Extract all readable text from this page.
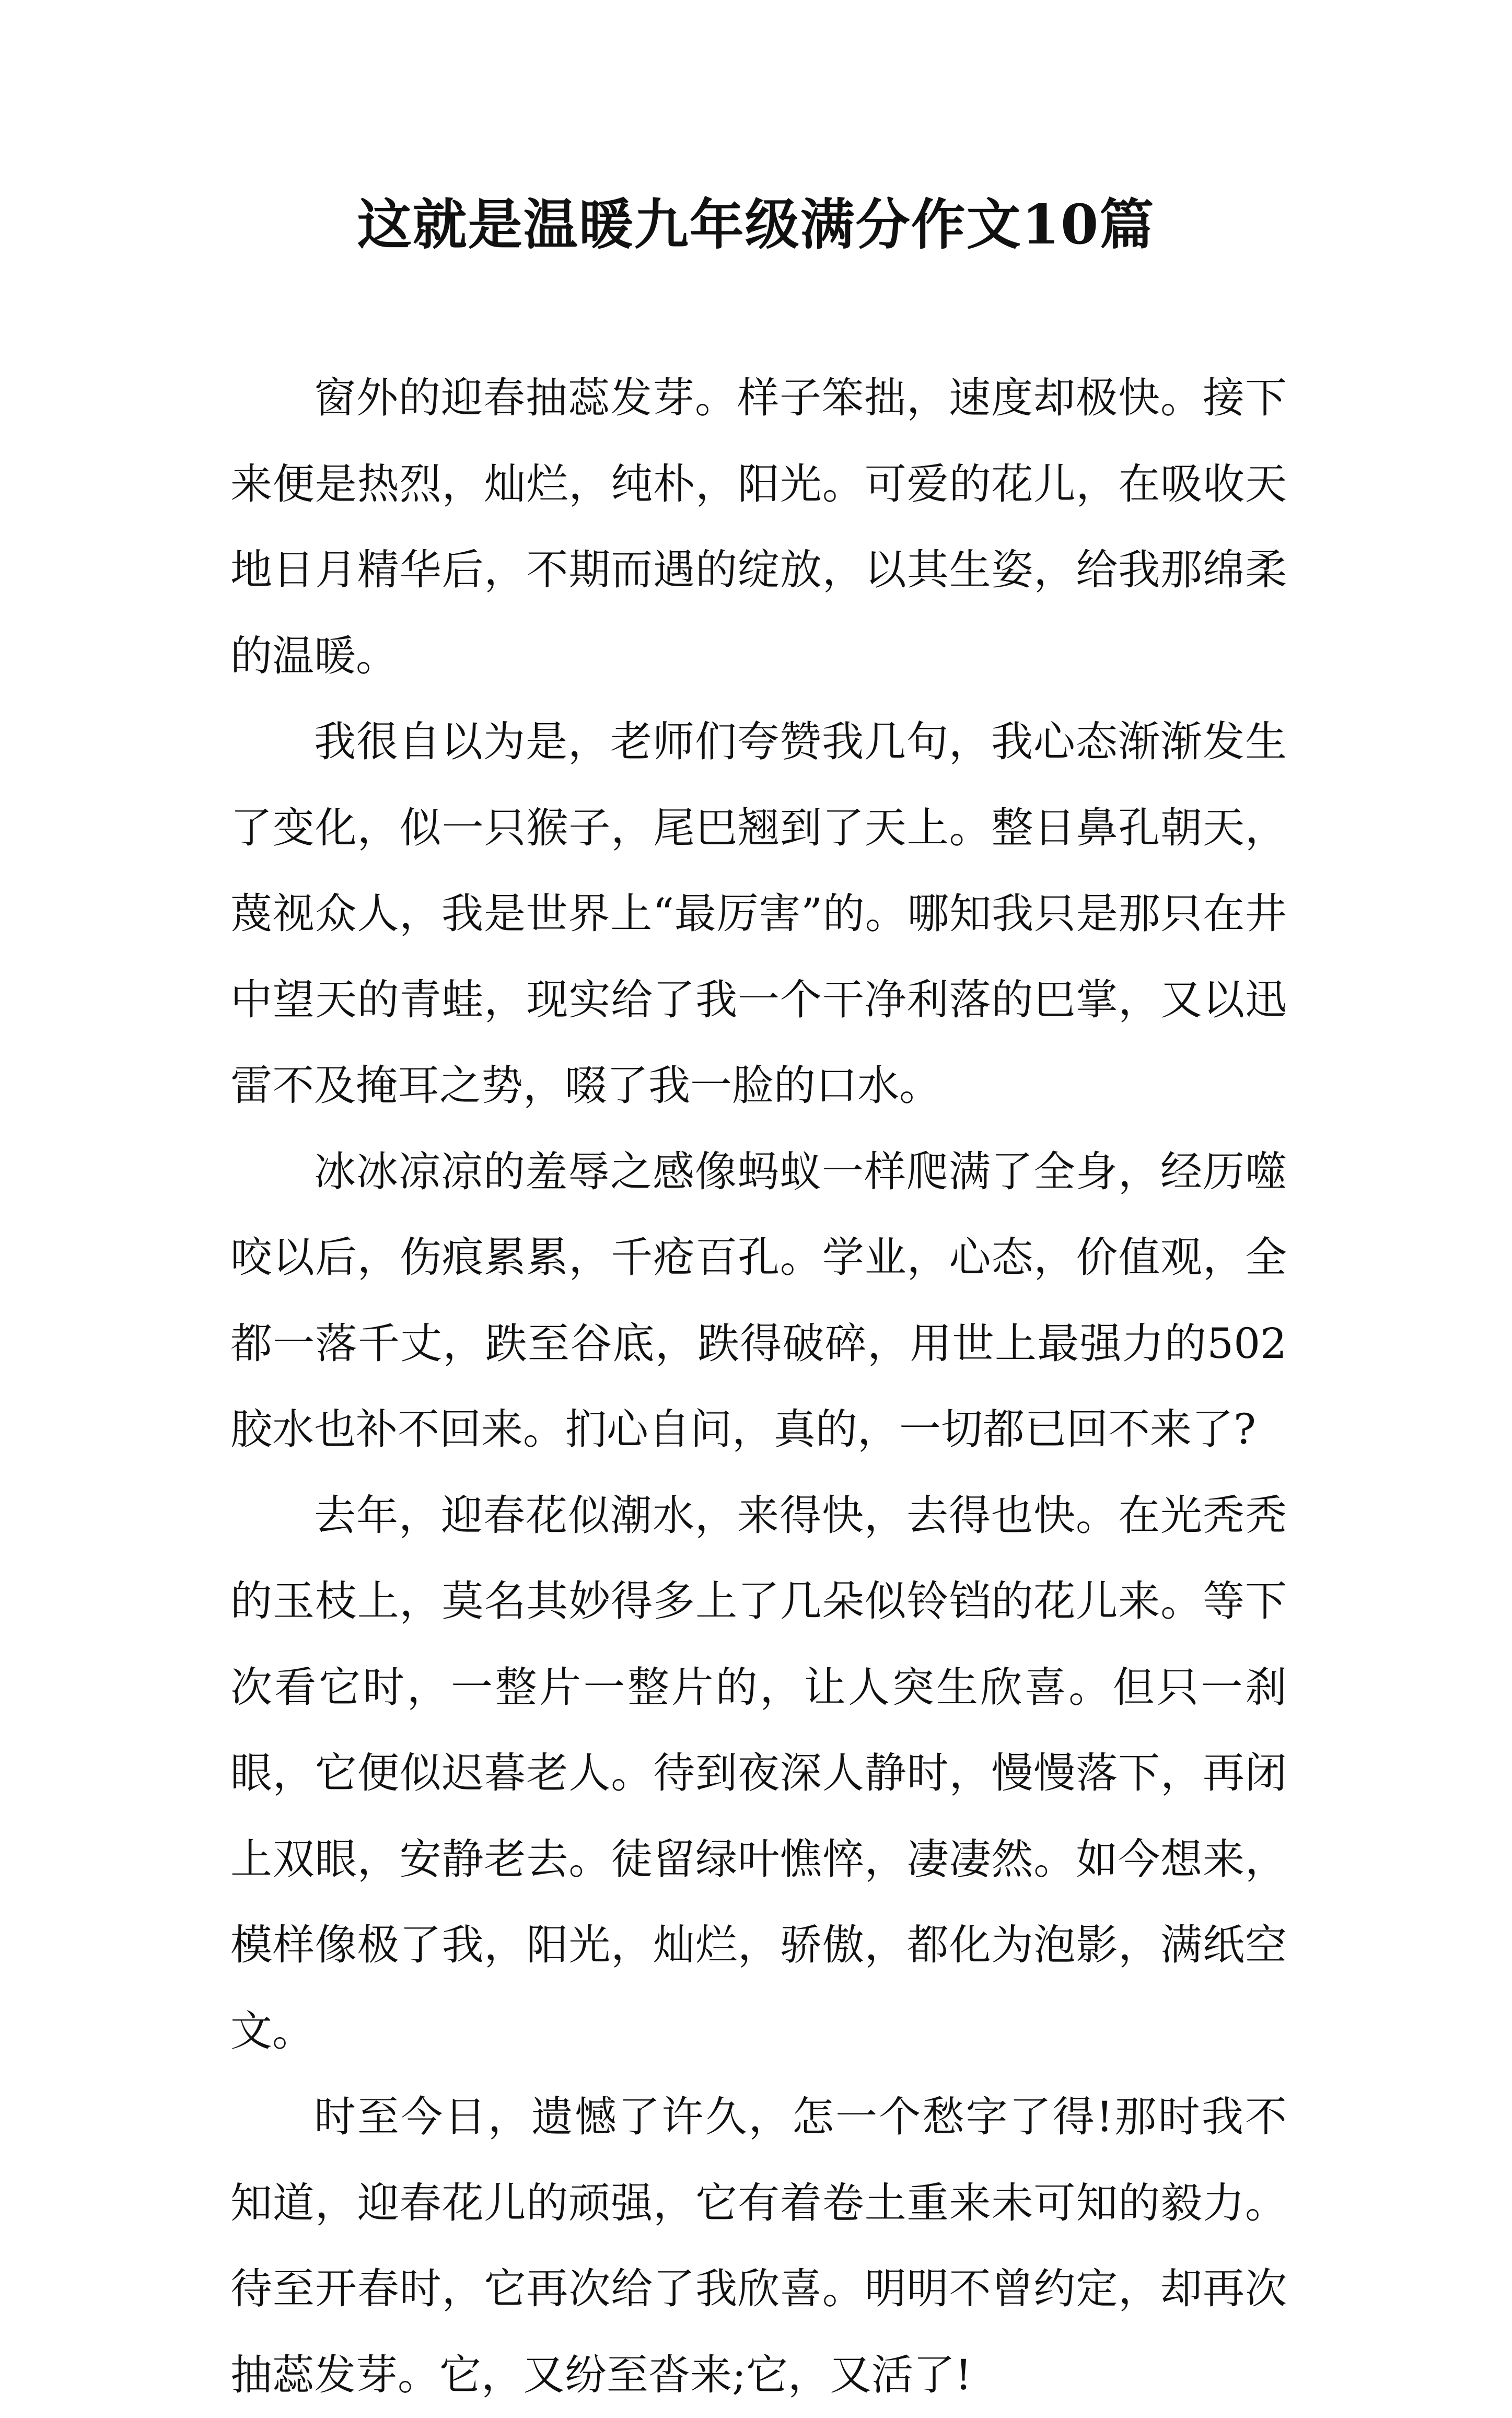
这就是温暖九年级满分作文10篇

窗外的迎春抽蕊发芽。样子笨拙，速度却极快。接下来便是热烈，灿烂，纯朴，阳光。可爱的花儿，在吸收天地日月精华后，不期而遇的绽放，以其生姿，给我那绵柔的温暖。

我很自以为是，老师们夸赞我几句，我心态渐渐发生了变化，似一只猴子，尾巴翘到了天上。整日鼻孔朝天，蔑视众人，我是世界上“最厉害”的。哪知我只是那只在井中望天的青蛙，现实给了我一个干净利落的巴掌，又以迅雷不及掩耳之势，啜了我一脸的口水。

冰冰凉凉的羞辱之感像蚂蚁一样爬满了全身，经历噬咬以后，伤痕累累，千疮百孔。学业，心态，价值观，全都一落千丈，跌至谷底，跌得破碎，用世上最强力的502胶水也补不回来。扪心自问，真的，一切都已回不来了?

去年，迎春花似潮水，来得快，去得也快。在光秃秃的玉枝上，莫名其妙得多上了几朵似铃铛的花儿来。等下次看它时，一整片一整片的，让人突生欣喜。但只一刹眼，它便似迟暮老人。待到夜深人静时，慢慢落下，再闭上双眼，安静老去。徒留绿叶憔悴，凄凄然。如今想来，模样像极了我，阳光，灿烂，骄傲，都化为泡影，满纸空文。

时至今日，遗憾了许久，怎一个愁字了得!那时我不知道，迎春花儿的顽强，它有着卷土重来未可知的毅力。待至开春时，它再次给了我欣喜。明明不曾约定，却再次抽蕊发芽。它，又纷至沓来;它，又活了!
